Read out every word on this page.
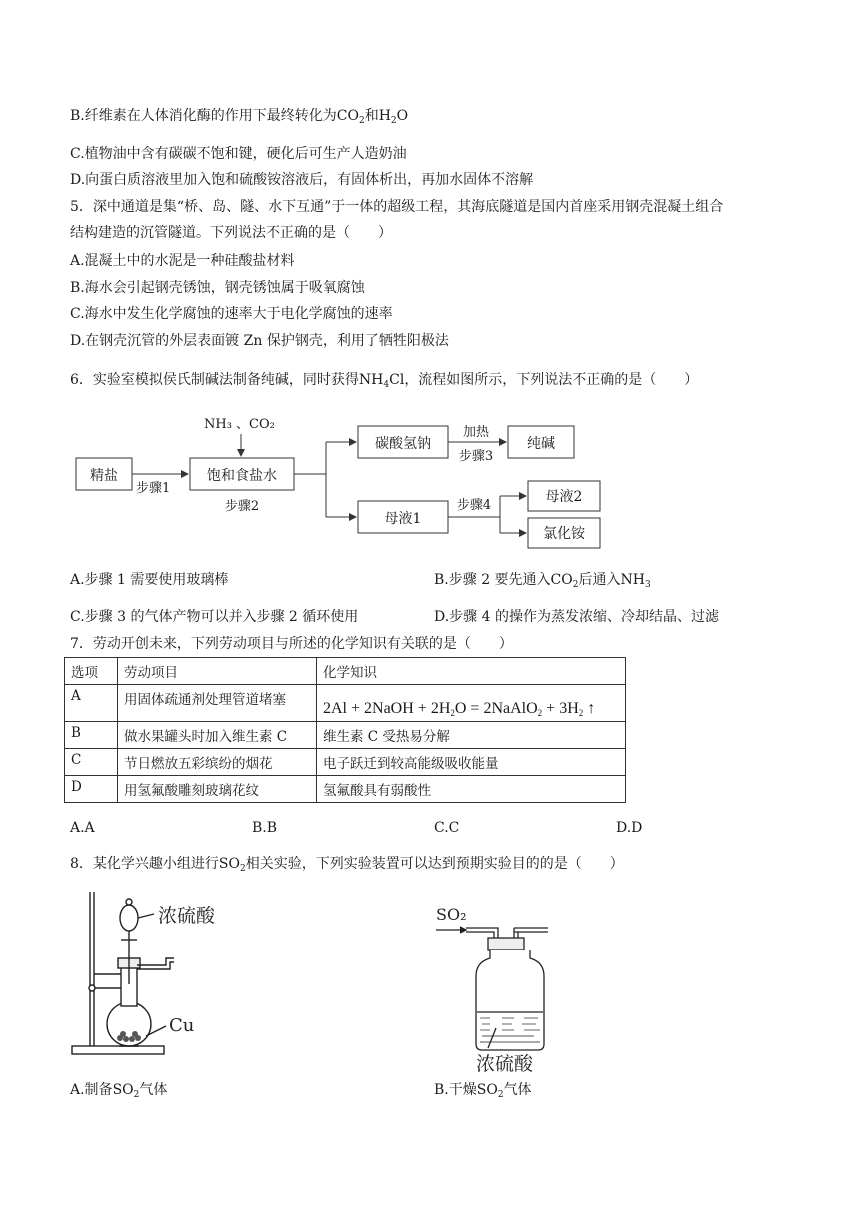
B.纤维素在人体消化酶的作用下最终转化为$CO_2$和$H_2O$
C.植物油中含有碳碳不饱和键，硬化后可生产人造奶油
D.向蛋白质溶液里加入饱和硫酸铵溶液后，有固体析出，再加水固体不溶解
5．深中通道是集“桥、岛、隧、水下互通”于一体的超级工程，其海底隧道是国内首座采用钢壳混凝土组合
结构建造的沉管隧道。下列说法不正确的是（　　）
A.混凝土中的水泥是一种硅酸盐材料
B.海水会引起钢壳锈蚀，钢壳锈蚀属于吸氧腐蚀
C.海水中发生化学腐蚀的速率大于电化学腐蚀的速率
D.在钢壳沉管的外层表面镀 Zn 保护钢壳，利用了牺牲阳极法
6．实验室模拟侯氏制碱法制备纯碱，同时获得$NH_4Cl$，流程如图所示，下列说法不正确的是（　　）
NH₃ 、CO₂
精盐
步骤1
饱和食盐水
步骤2
碳酸氢钠
加热
步骤3
纯碱
母液1
步骤4
母液2
氯化铵
A.步骤 1 需要使用玻璃棒	B.步骤 2 要先通入$CO_2$后通入$NH_3$
C.步骤 3 的气体产物可以并入步骤 2 循环使用	D.步骤 4 的操作为蒸发浓缩、冷却结晶、过滤
7．劳动开创未来，下列劳动项目与所述的化学知识有关联的是（　　）
选项	劳动项目	化学知识
A	用固体疏通剂处理管道堵塞	2Al + 2NaOH + $2H_2O$ = 2NaAlO$_2$ + $3H_2$ ↑
B	做水果罐头时加入维生素 C	维生素 C 受热易分解
C	节日燃放五彩缤纷的烟花	电子跃迁到较高能级吸收能量
D	用氢氟酸雕刻玻璃花纹	氢氟酸具有弱酸性
A.A	B.B	C.C	D.D
8．某化学兴趣小组进行$SO_2$相关实验，下列实验装置可以达到预期实验目的的是（　　）
浓硫酸
Cu
SO₂
浓硫酸
A.制备$SO_2$气体	B.干燥$SO_2$气体
